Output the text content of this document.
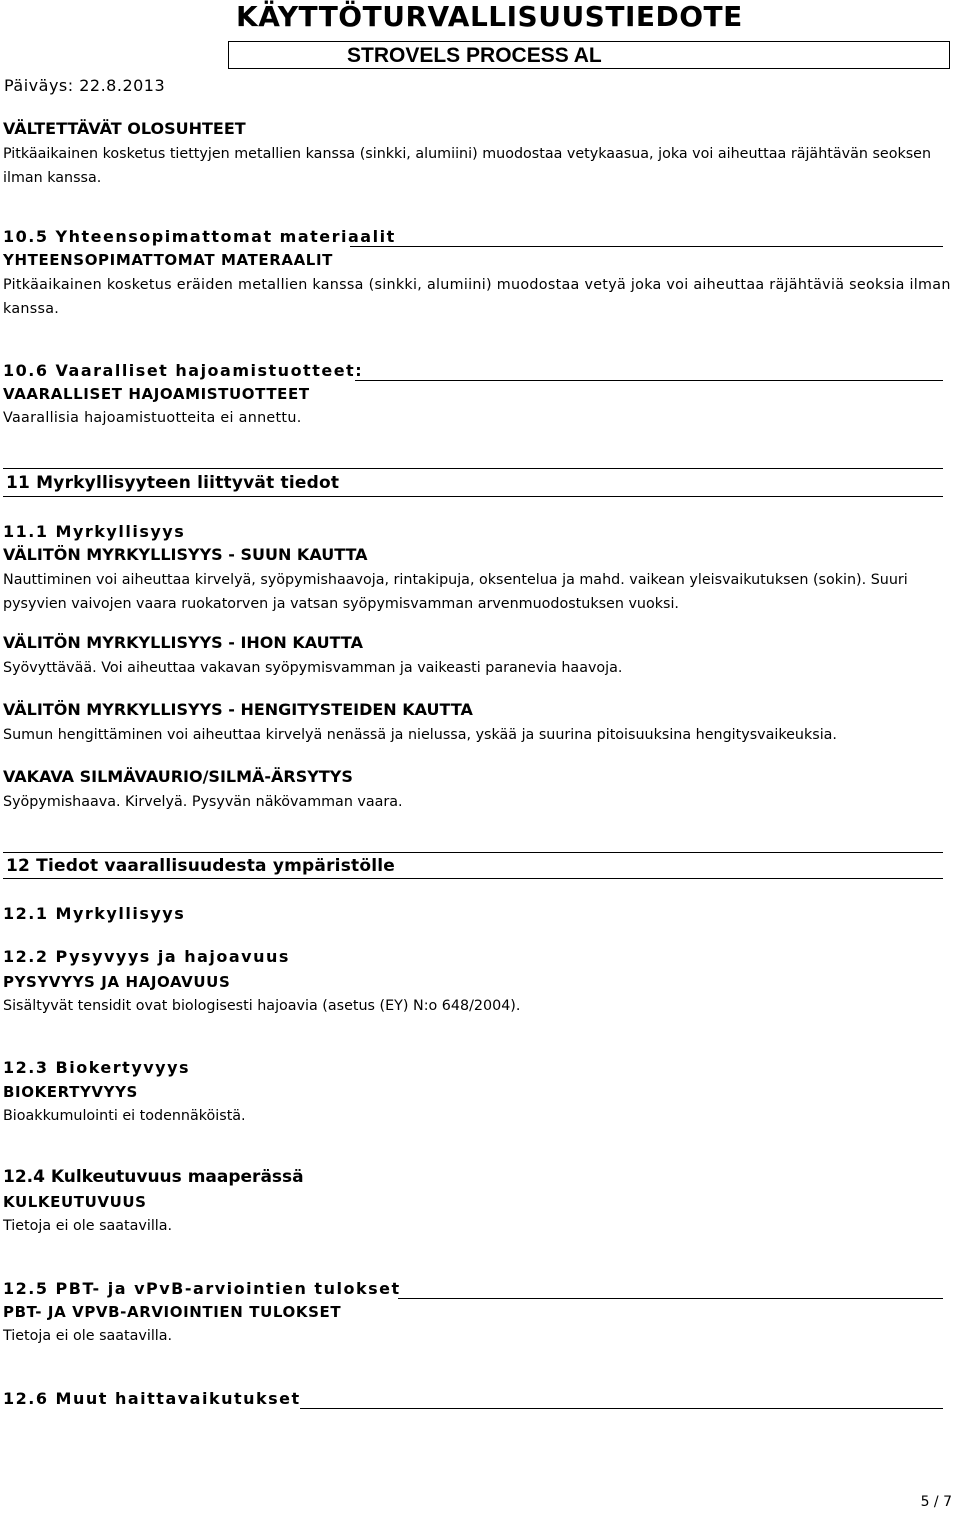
KÄYTTÖTURVALLISUUSTIEDOTE
STROVELS PROCESS AL
Päiväys: 22.8.2013
VÄLTETTÄVÄT OLOSUHTEET
Pitkäaikainen kosketus tiettyjen metallien kanssa (sinkki, alumiini) muodostaa vetykaasua, joka voi aiheuttaa räjähtävän seoksen ilman kanssa.
10.5 Yhteensopimattomat materiaalit
YHTEENSOPIMATTOMAT MATERAALIT
Pitkäaikainen kosketus eräiden metallien kanssa (sinkki, alumiini) muodostaa vetyä joka voi aiheuttaa räjähtäviä seoksia ilman kanssa.
10.6 Vaaralliset hajoamistuotteet:
VAARALLISET HAJOAMISTUOTTEET
Vaarallisia hajoamistuotteita ei annettu.
11 Myrkyllisyyteen liittyvät tiedot
11.1 Myrkyllisyys
VÄLITÖN MYRKYLLISYYS - SUUN KAUTTA
Nauttiminen voi aiheuttaa kirvelyä, syöpymishaavoja, rintakipuja, oksentelua ja mahd. vaikean yleisvaikutuksen (sokin). Suuri pysyvien vaivojen vaara ruokatorven ja vatsan syöpymisvamman arvenmuodostuksen vuoksi.
VÄLITÖN MYRKYLLISYYS - IHON KAUTTA
Syövyttävää. Voi aiheuttaa vakavan syöpymisvamman ja vaikeasti paranevia haavoja.
VÄLITÖN MYRKYLLISYYS - HENGITYSTEIDEN KAUTTA
Sumun hengittäminen voi aiheuttaa kirvelyä nenässä ja nielussa, yskää ja suurina pitoisuuksina hengitysvaikeuksia.
VAKAVA SILMÄVAURIO/SILMÄ-ÄRSYTYS
Syöpymishaava. Kirvelyä. Pysyvän näkövamman vaara.
12 Tiedot vaarallisuudesta ympäristölle
12.1 Myrkyllisyys
12.2 Pysyvyys ja hajoavuus
PYSYVYYS JA HAJOAVUUS
Sisältyvät tensidit ovat biologisesti hajoavia (asetus (EY) N:o 648/2004).
12.3 Biokertyvyys
BIOKERTYVYYS
Bioakkumulointi ei todennäköistä.
12.4 Kulkeutuvuus maaperässä
KULKEUTUVUUS
Tietoja ei ole saatavilla.
12.5 PBT- ja vPvB-arviointien tulokset
PBT- JA VPVB-ARVIOINTIEN TULOKSET
Tietoja ei ole saatavilla.
12.6 Muut haittavaikutukset
5 / 7
